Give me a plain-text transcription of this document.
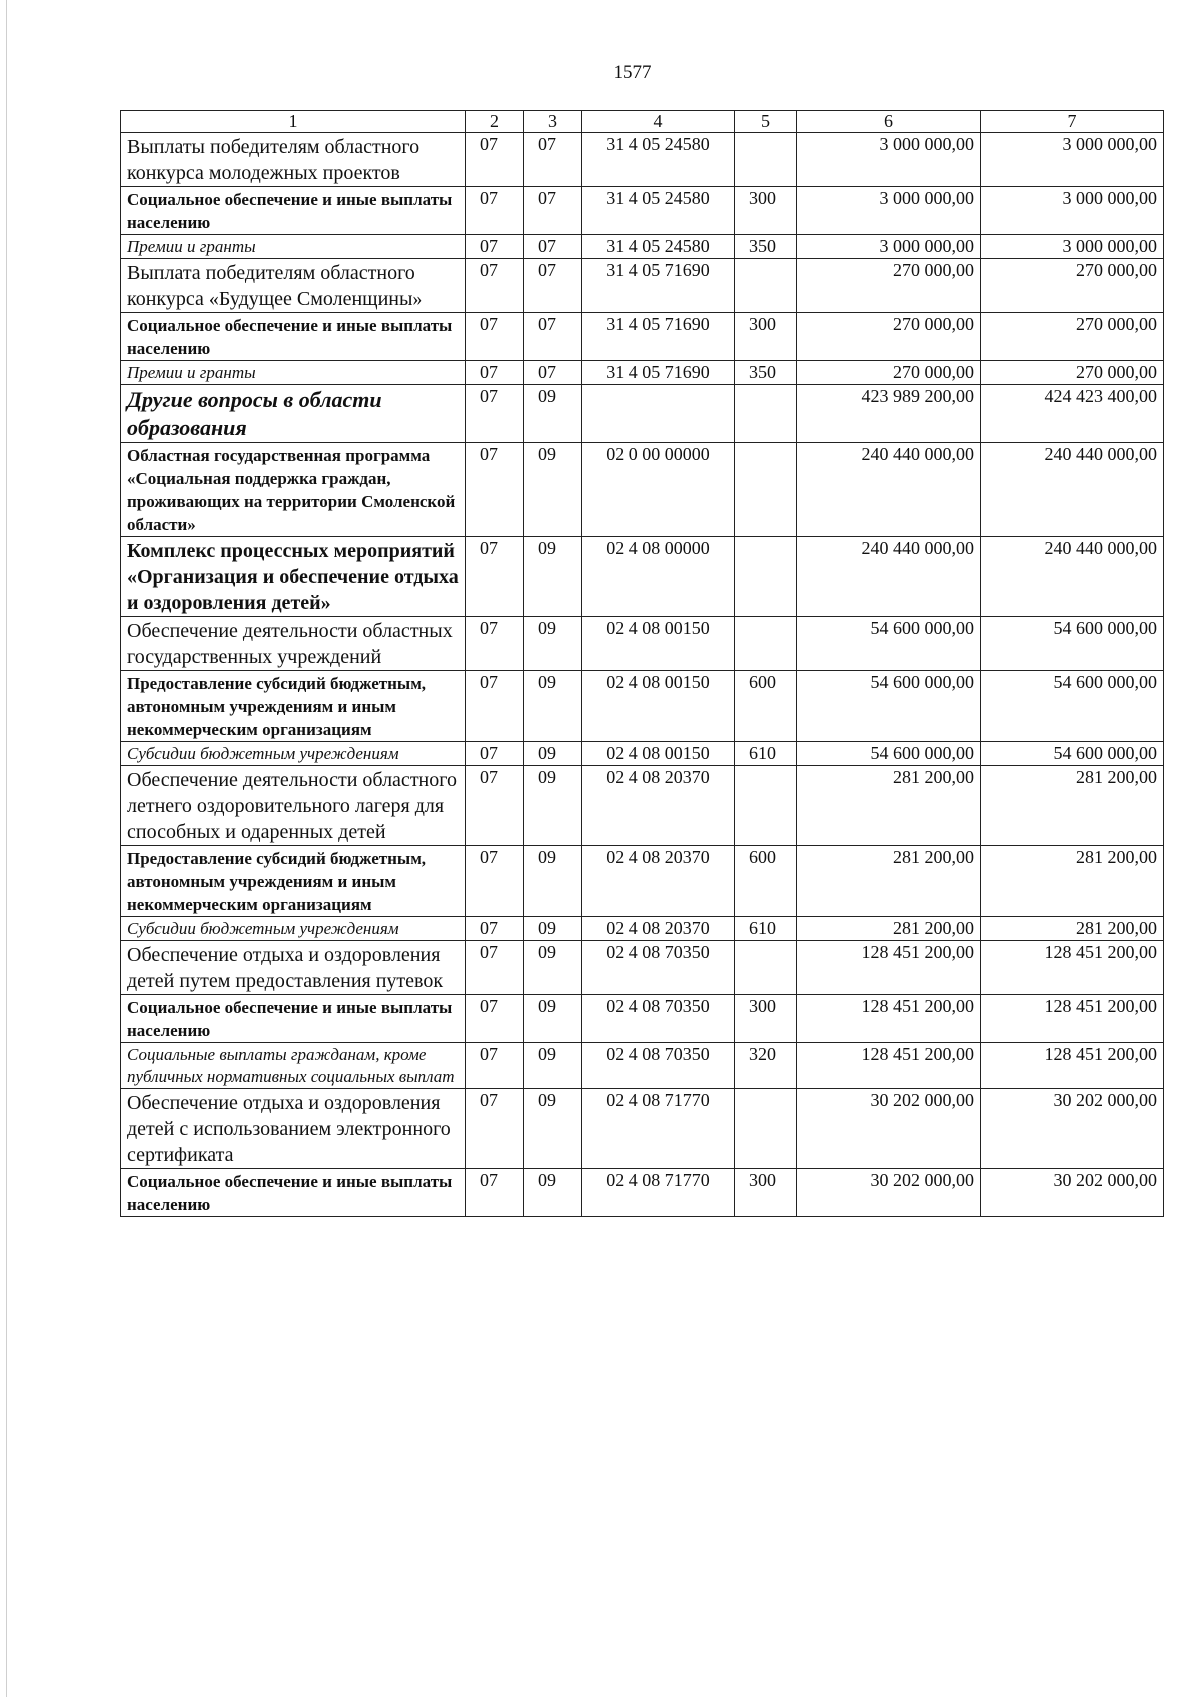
1577
1	2	3	4	5	6	7
Выплаты победителям областного конкурса молодежных проектов	07	07	31 4 05 24580		3 000 000,00	3 000 000,00
Социальное обеспечение и иные выплаты населению	07	07	31 4 05 24580	300	3 000 000,00	3 000 000,00
Премии и гранты	07	07	31 4 05 24580	350	3 000 000,00	3 000 000,00
Выплата победителям областного конкурса «Будущее Смоленщины»	07	07	31 4 05 71690		270 000,00	270 000,00
Социальное обеспечение и иные выплаты населению	07	07	31 4 05 71690	300	270 000,00	270 000,00
Премии и гранты	07	07	31 4 05 71690	350	270 000,00	270 000,00
Другие вопросы в области образования	07	09			423 989 200,00	424 423 400,00
Областная государственная программа «Социальная поддержка граждан, проживающих на территории Смоленской области»	07	09	02 0 00 00000		240 440 000,00	240 440 000,00
Комплекс процессных мероприятий «Организация и обеспечение отдыха и оздоровления детей»	07	09	02 4 08 00000		240 440 000,00	240 440 000,00
Обеспечение деятельности областных государственных учреждений	07	09	02 4 08 00150		54 600 000,00	54 600 000,00
Предоставление субсидий бюджетным, автономным учреждениям и иным некоммерческим организациям	07	09	02 4 08 00150	600	54 600 000,00	54 600 000,00
Субсидии бюджетным учреждениям	07	09	02 4 08 00150	610	54 600 000,00	54 600 000,00
Обеспечение деятельности областного летнего оздоровительного лагеря для способных и одаренных детей	07	09	02 4 08 20370		281 200,00	281 200,00
Предоставление субсидий бюджетным, автономным учреждениям и иным некоммерческим организациям	07	09	02 4 08 20370	600	281 200,00	281 200,00
Субсидии бюджетным учреждениям	07	09	02 4 08 20370	610	281 200,00	281 200,00
Обеспечение отдыха и оздоровления детей путем предоставления путевок	07	09	02 4 08 70350		128 451 200,00	128 451 200,00
Социальное обеспечение и иные выплаты населению	07	09	02 4 08 70350	300	128 451 200,00	128 451 200,00
Социальные выплаты гражданам, кроме публичных нормативных социальных выплат	07	09	02 4 08 70350	320	128 451 200,00	128 451 200,00
Обеспечение отдыха и оздоровления детей с использованием электронного сертификата	07	09	02 4 08 71770		30 202 000,00	30 202 000,00
Социальное обеспечение и иные выплаты населению	07	09	02 4 08 71770	300	30 202 000,00	30 202 000,00
